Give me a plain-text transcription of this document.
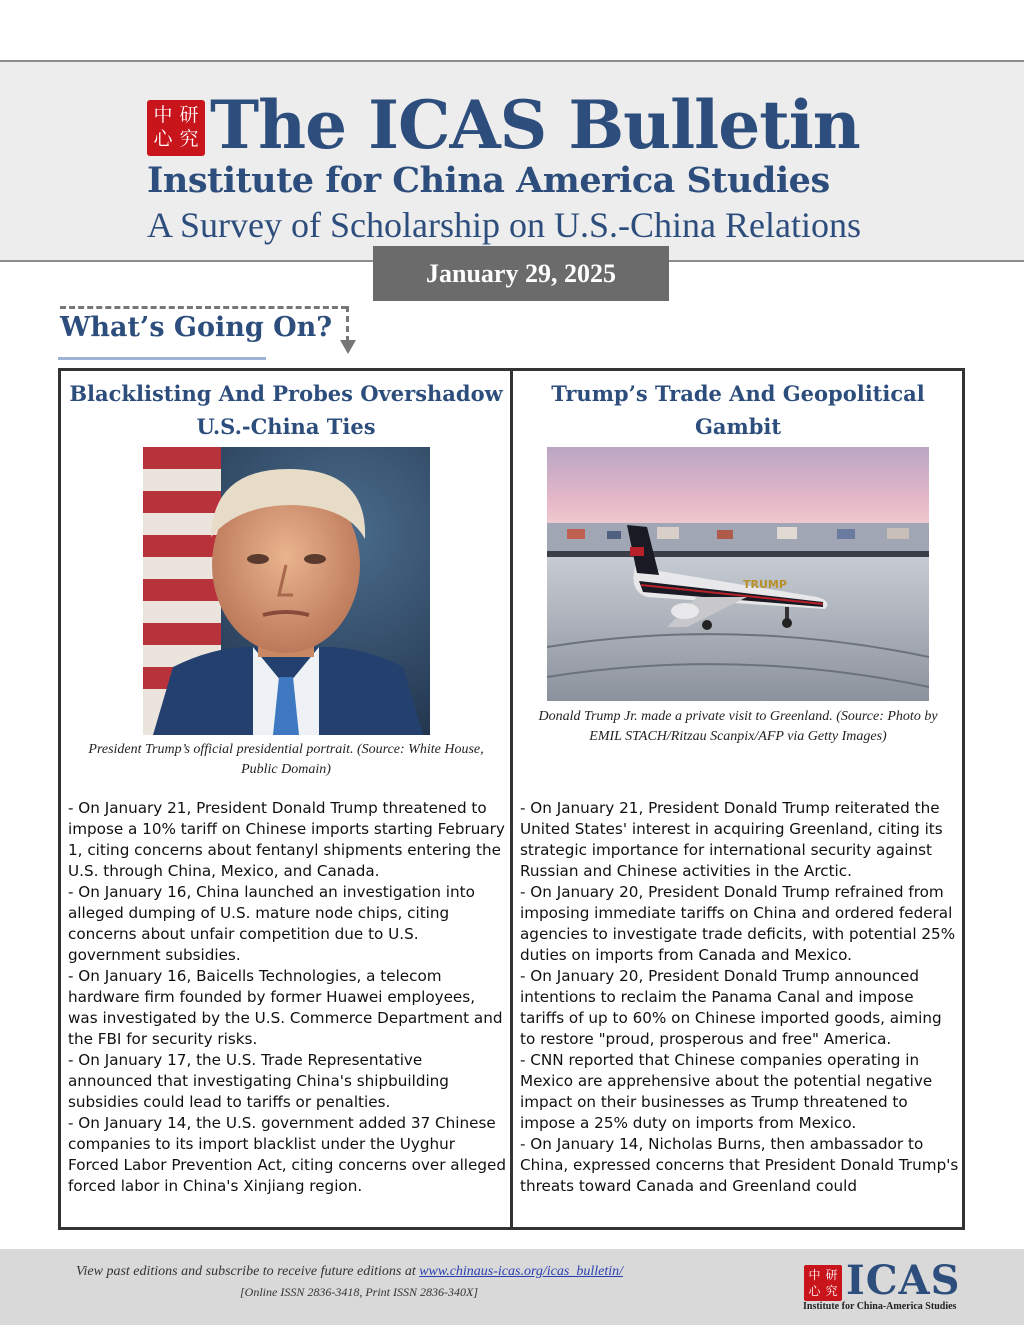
中 研
心 究 The ICAS Bulletin
Institute for China America Studies
A Survey of Scholarship on U.S.-China Relations
January 29, 2025
What’s Going On?
Blacklisting And Probes Overshadow
U.S.-China Ties
President Trump’s official presidential portrait. (Source: White House,
Public Domain)
- On January 21, President Donald Trump threatened to impose a 10% tariff on Chinese imports starting February 1, citing concerns about fentanyl shipments entering the U.S. through China, Mexico, and Canada.
- On January 16, China launched an investigation into alleged dumping of U.S. mature node chips, citing concerns about unfair competition due to U.S. government subsidies.
- On January 16, Baicells Technologies, a telecom hardware firm founded by former Huawei employees, was investigated by the U.S. Commerce Department and the FBI for security risks.
- On January 17, the U.S. Trade Representative announced that investigating China's shipbuilding subsidies could lead to tariffs or penalties.
- On January 14, the U.S. government added 37 Chinese companies to its import blacklist under the Uyghur Forced Labor Prevention Act, citing concerns over alleged forced labor in China's Xinjiang region.
Trump’s Trade And Geopolitical Gambit
TRUMP
Donald Trump Jr. made a private visit to Greenland. (Source: Photo by
EMIL STACH/Ritzau Scanpix/AFP via Getty Images)
- On January 21, President Donald Trump reiterated the United States' interest in acquiring Greenland, citing its strategic importance for international security against Russian and Chinese activities in the Arctic.
- On January 20, President Donald Trump refrained from imposing immediate tariffs on China and ordered federal agencies to investigate trade deficits, with potential 25% duties on imports from Canada and Mexico.
- On January 20, President Donald Trump announced intentions to reclaim the Panama Canal and impose tariffs of up to 60% on Chinese imported goods, aiming to restore "proud, prosperous and free" America.
- CNN reported that Chinese companies operating in Mexico are apprehensive about the potential negative impact on their businesses as Trump threatened to impose a 25% duty on imports from Mexico.
- On January 14, Nicholas Burns, then ambassador to China, expressed concerns that President Donald Trump's threats toward Canada and Greenland could
View past editions and subscribe to receive future editions at www.chinaus-icas.org/icas_bulletin/
[Online ISSN 2836-3418, Print ISSN 2836-340X]
中 研
心 究 ICAS
Institute for China-America Studies
